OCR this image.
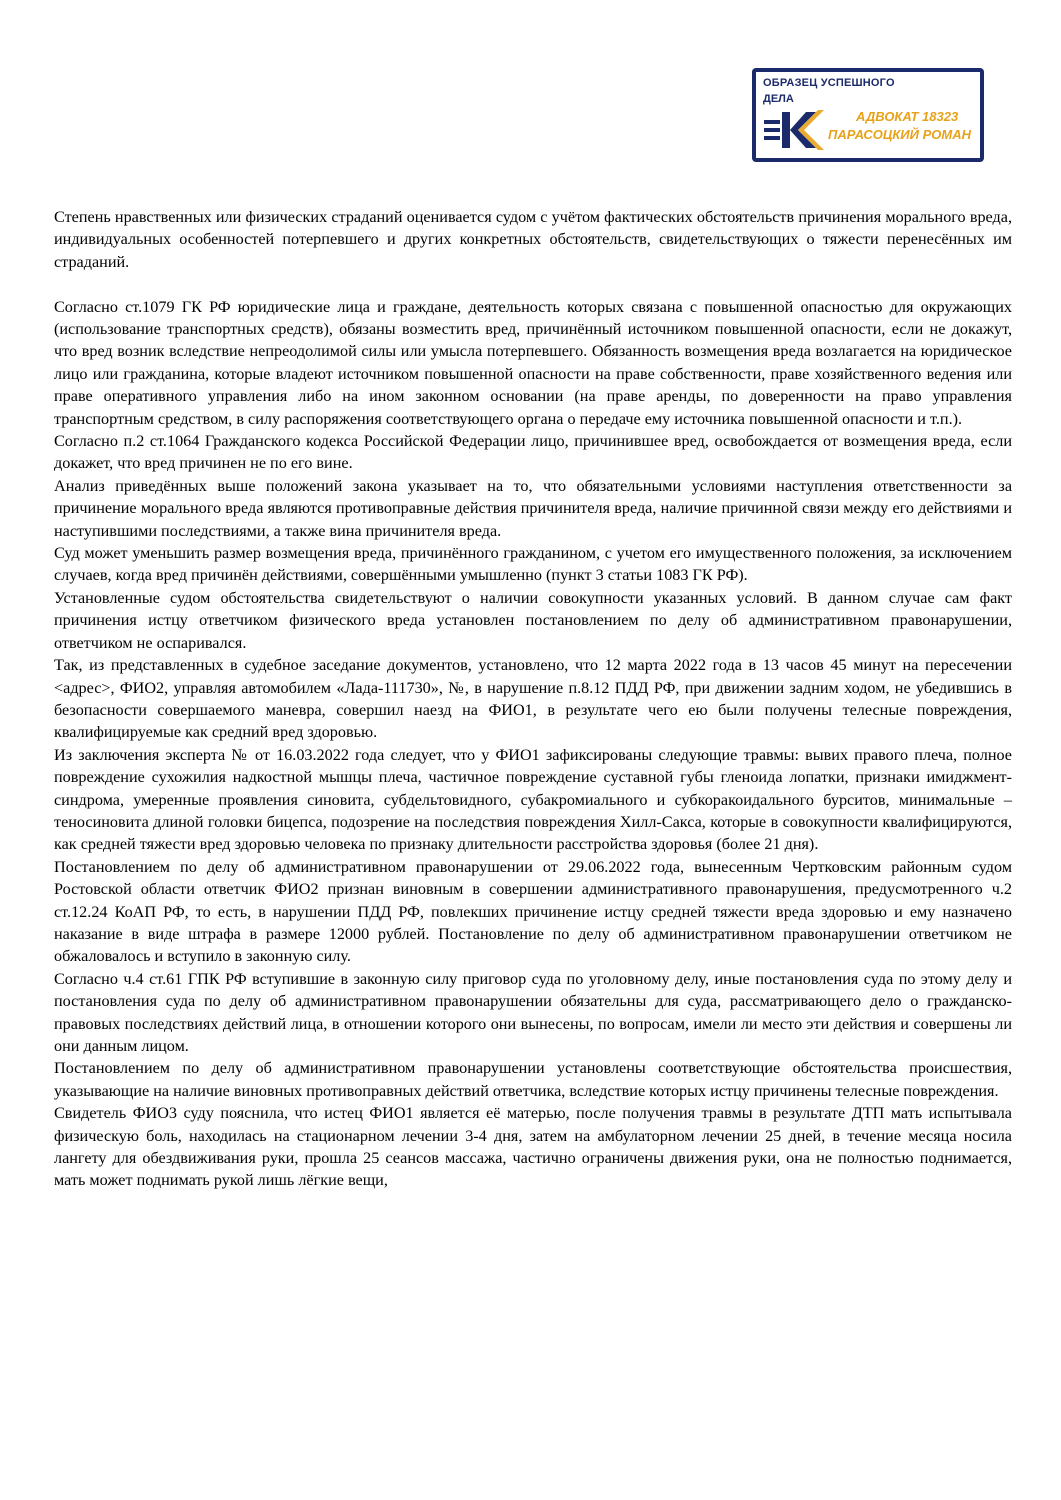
ОБРАЗЕЦ УСПЕШНОГО
ДЕЛА
АДВОКАТ 18323
ПАРАСОЦКИЙ РОМАН

Степень нравственных или физических страданий оценивается судом с учётом фактических обстоятельств причинения морального вреда, индивидуальных особенностей потерпевшего и других конкретных обстоятельств, свидетельствующих о тяжести перенесённых им страданий.

Согласно ст.1079 ГК РФ юридические лица и граждане, деятельность которых связана с повышенной опасностью для окружающих (использование транспортных средств), обязаны возместить вред, причинённый источником повышенной опасности, если не докажут, что вред возник вследствие непреодолимой силы или умысла потерпевшего. Обязанность возмещения вреда возлагается на юридическое лицо или гражданина, которые владеют источником повышенной опасности на праве собственности, праве хозяйственного ведения или праве оперативного управления либо на ином законном основании (на праве аренды, по доверенности на право управления транспортным средством, в силу распоряжения соответствующего органа о передаче ему источника повышенной опасности и т.п.).

Согласно п.2 ст.1064 Гражданского кодекса Российской Федерации лицо, причинившее вред, освобождается от возмещения вреда, если докажет, что вред причинен не по его вине.

Анализ приведённых выше положений закона указывает на то, что обязательными условиями наступления ответственности за причинение морального вреда являются противоправные действия причинителя вреда, наличие причинной связи между его действиями и наступившими последствиями, а также вина причинителя вреда.

Суд может уменьшить размер возмещения вреда, причинённого гражданином, с учетом его имущественного положения, за исключением случаев, когда вред причинён действиями, совершёнными умышленно (пункт 3 статьи 1083 ГК РФ).

Установленные судом обстоятельства свидетельствуют о наличии совокупности указанных условий. В данном случае сам факт причинения истцу ответчиком физического вреда установлен постановлением по делу об административном правонарушении, ответчиком не оспаривался.

Так, из представленных в судебное заседание документов, установлено, что 12 марта 2022 года в 13 часов 45 минут на пересечении <адрес>, ФИО2, управляя автомобилем «Лада-111730», №, в нарушение п.8.12 ПДД РФ, при движении задним ходом, не убедившись в безопасности совершаемого маневра, совершил наезд на ФИО1, в результате чего ею были получены телесные повреждения, квалифицируемые как средний вред здоровью.

Из заключения эксперта № от 16.03.2022 года следует, что у ФИО1 зафиксированы следующие травмы: вывих правого плеча, полное повреждение сухожилия надкостной мышцы плеча, частичное повреждение суставной губы гленоида лопатки, признаки имиджмент-синдрома, умеренные проявления синовита, субдельтовидного, субакромиального и субкоракоидального бурситов, минимальные – теносиновита длиной головки бицепса, подозрение на последствия повреждения Хилл-Сакса, которые в совокупности квалифицируются, как средней тяжести вред здоровью человека по признаку длительности расстройства здоровья (более 21 дня).

Постановлением по делу об административном правонарушении от 29.06.2022 года, вынесенным Чертковским районным судом Ростовской области ответчик ФИО2 признан виновным в совершении административного правонарушения, предусмотренного ч.2 ст.12.24 КоАП РФ, то есть, в нарушении ПДД РФ, повлекших причинение истцу средней тяжести вреда здоровью и ему назначено наказание в виде штрафа в размере 12000 рублей. Постановление по делу об административном правонарушении ответчиком не обжаловалось и вступило в законную силу.

Согласно ч.4 ст.61 ГПК РФ вступившие в законную силу приговор суда по уголовному делу, иные постановления суда по этому делу и постановления суда по делу об административном правонарушении обязательны для суда, рассматривающего дело о гражданско-правовых последствиях действий лица, в отношении которого они вынесены, по вопросам, имели ли место эти действия и совершены ли они данным лицом.

Постановлением по делу об административном правонарушении установлены соответствующие обстоятельства происшествия, указывающие на наличие виновных противоправных действий ответчика, вследствие которых истцу причинены телесные повреждения.

Свидетель ФИО3 суду пояснила, что истец ФИО1 является её матерью, после получения травмы в результате ДТП мать испытывала физическую боль, находилась на стационарном лечении 3-4 дня, затем на амбулаторном лечении 25 дней, в течение месяца носила лангету для обездвиживания руки, прошла 25 сеансов массажа, частично ограничены движения руки, она не полностью поднимается, мать может поднимать рукой лишь лёгкие вещи,
